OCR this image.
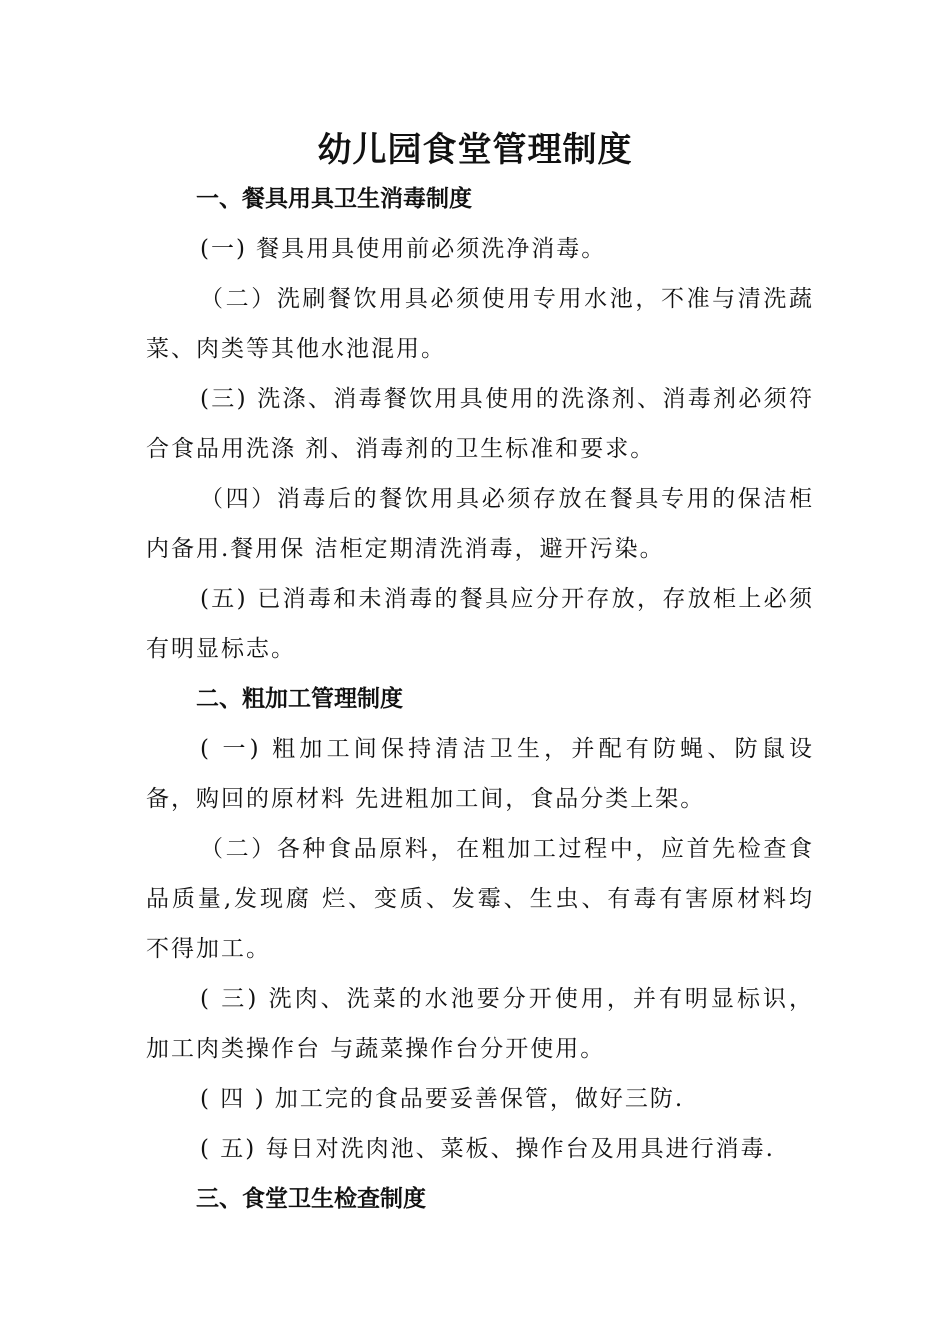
幼儿园食堂管理制度
一、餐具用具卫生消毒制度

(一) 餐具用具使用前必须洗净消毒。

（二）洗刷餐饮用具必须使用专用水池，不准与清洗蔬菜、肉类等其他水池混用。

(三) 洗涤、消毒餐饮用具使用的洗涤剂、消毒剂必须符合食品用洗涤 剂、消毒剂的卫生标准和要求。

（四）消毒后的餐饮用具必须存放在餐具专用的保洁柜内备用.餐用保 洁柜定期清洗消毒，避开污染。

(五) 已消毒和未消毒的餐具应分开存放，存放柜上必须有明显标志。

二、粗加工管理制度

( 一) 粗加工间保持清洁卫生，并配有防蝇、防鼠设备，购回的原材料 先进粗加工间，食品分类上架。

（二）各种食品原料，在粗加工过程中，应首先检查食品质量,发现腐 烂、变质、发霉、生虫、有毒有害原材料均不得加工。

( 三) 洗肉、洗菜的水池要分开使用，并有明显标识，加工肉类操作台 与蔬菜操作台分开使用。

( 四 ) 加工完的食品要妥善保管，做好三防.

( 五) 每日对洗肉池、菜板、操作台及用具进行消毒.

三、食堂卫生检查制度
